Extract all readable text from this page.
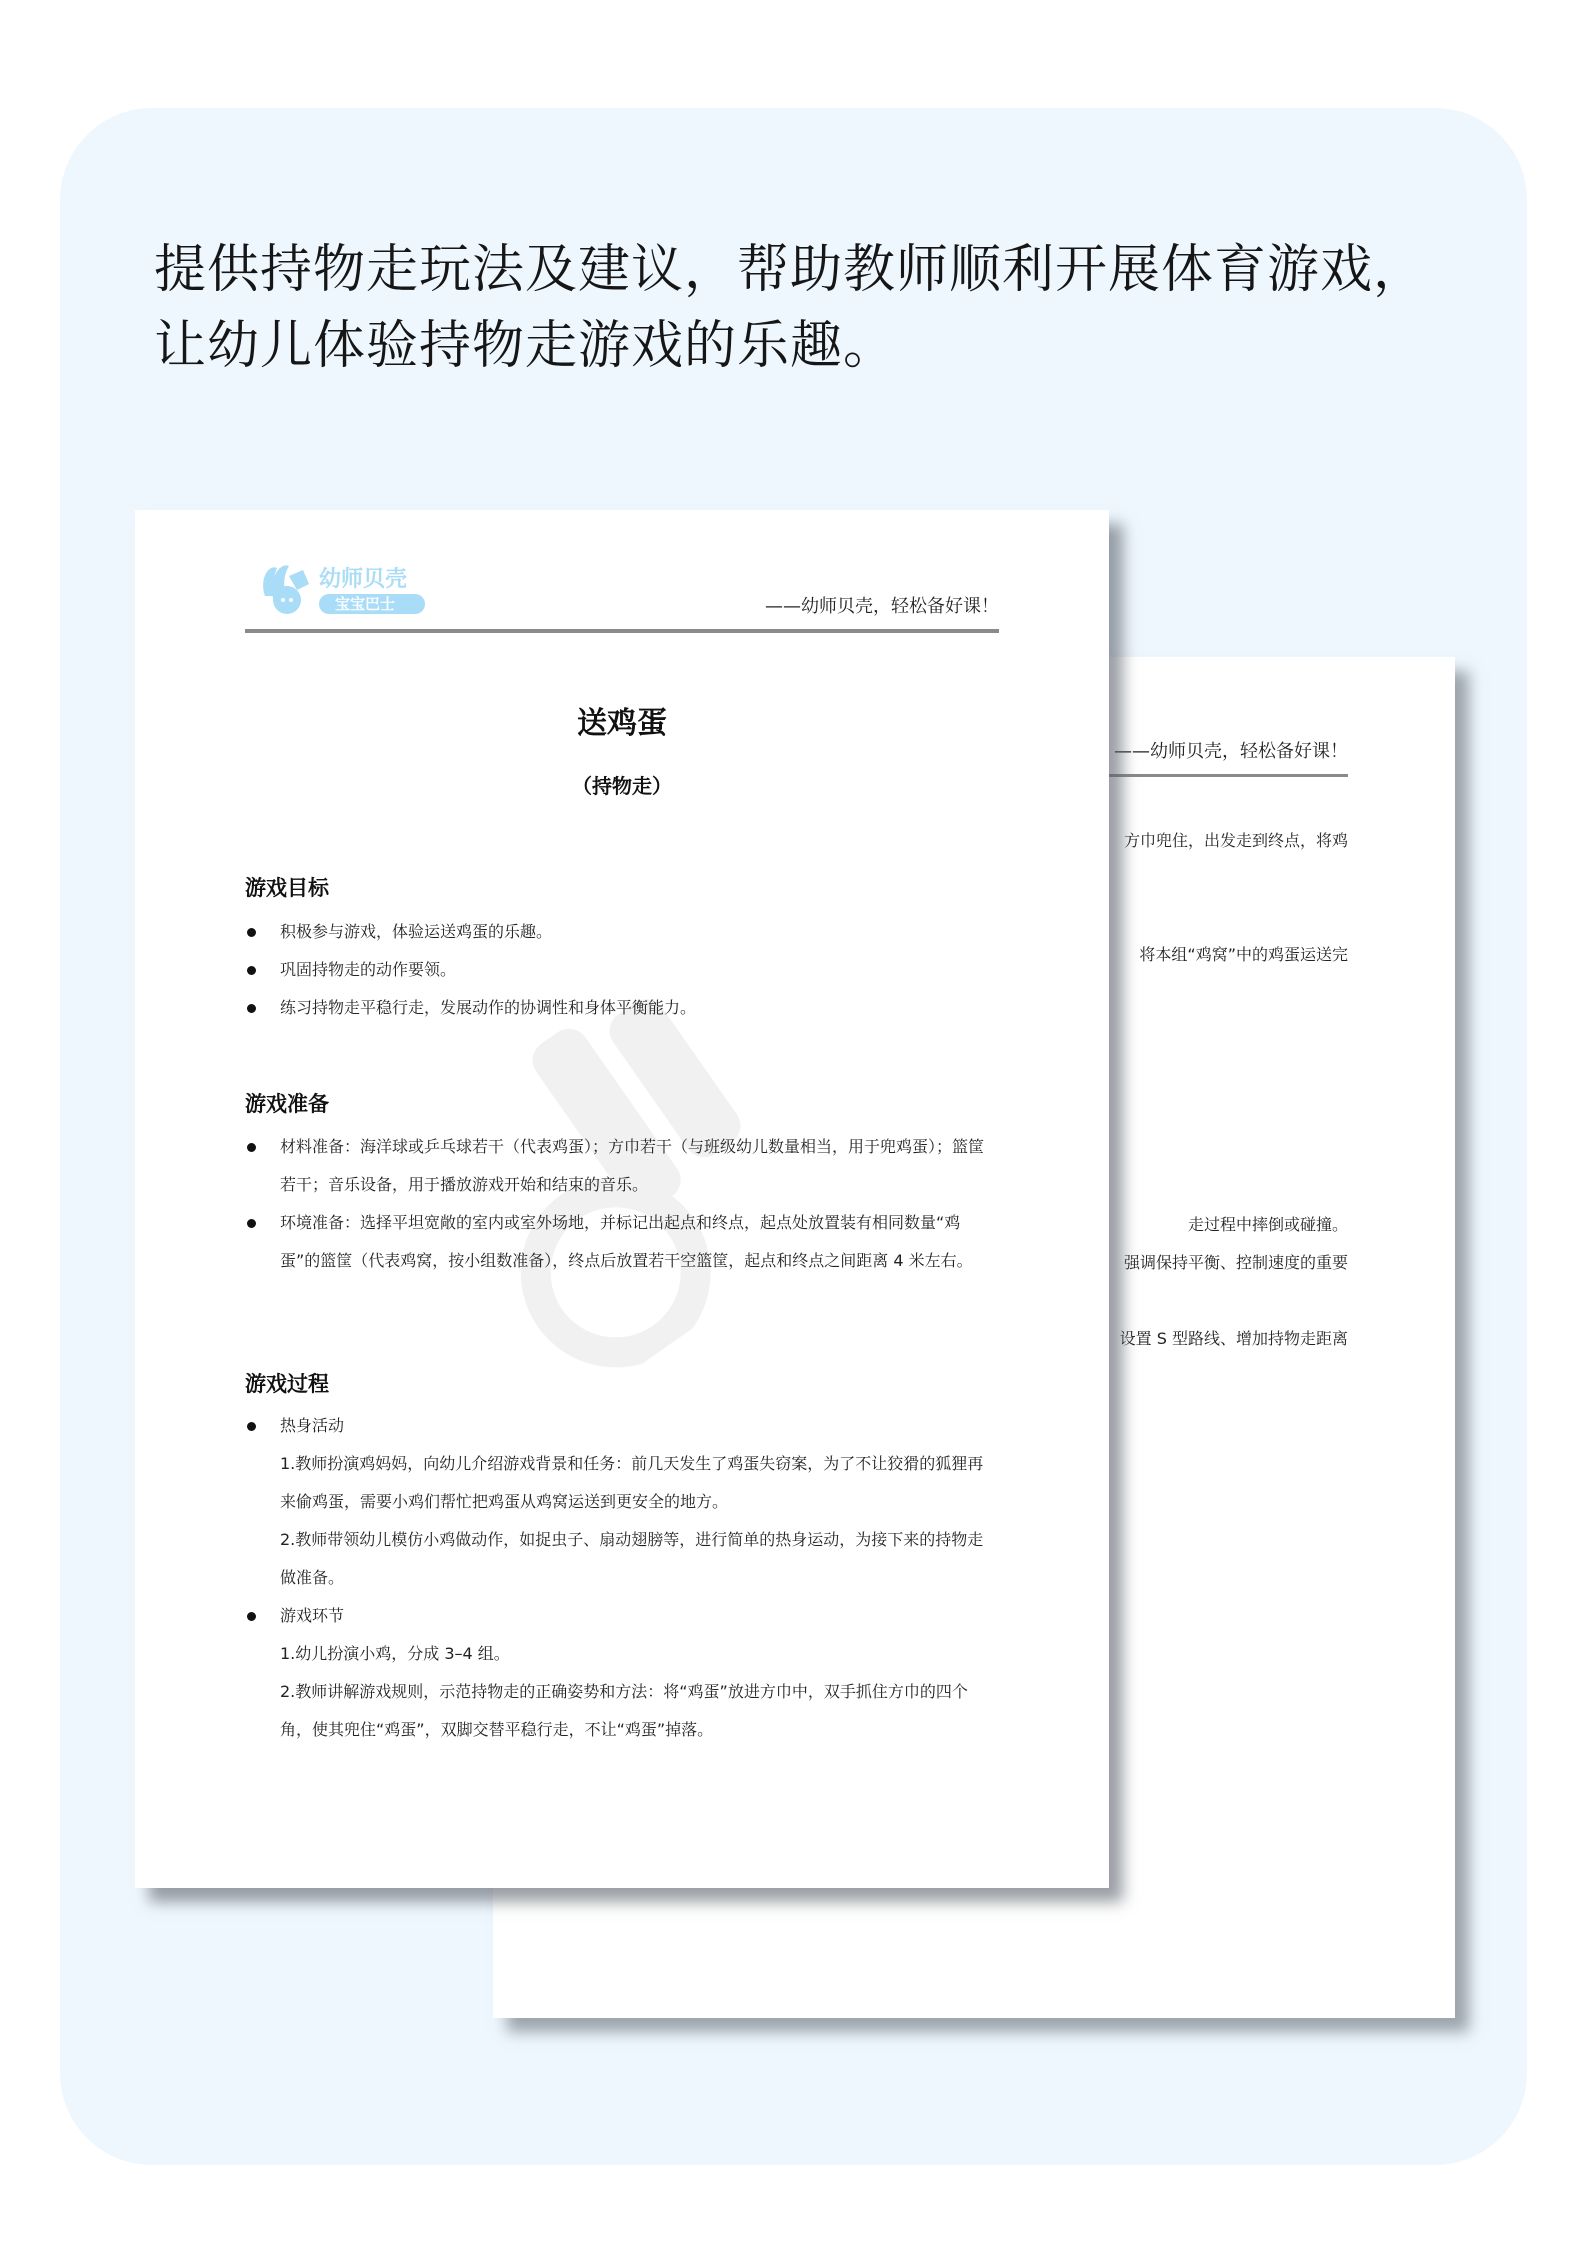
提供持物走玩法及建议，帮助教师顺利开展体育游戏，
让幼儿体验持物走游戏的乐趣。
——幼师贝壳，轻松备好课！
方巾兜住，出发走到终点，将鸡
将本组“鸡窝”中的鸡蛋运送完
走过程中摔倒或碰撞。
强调保持平衡、控制速度的重要
设置 S 型路线、增加持物走距离
幼师贝壳
宝宝巴士	——幼师贝壳，轻松备好课！
送鸡蛋
（持物走）
游戏目标
积极参与游戏，体验运送鸡蛋的乐趣。
巩固持物走的动作要领。
练习持物走平稳行走，发展动作的协调性和身体平衡能力。
游戏准备
材料准备：海洋球或乒乓球若干（代表鸡蛋）；方巾若干（与班级幼儿数量相当，用于兜鸡蛋）；篮筐若干；音乐设备，用于播放游戏开始和结束的音乐。
环境准备：选择平坦宽敞的室内或室外场地，并标记出起点和终点，起点处放置装有相同数量“鸡蛋”的篮筐（代表鸡窝，按小组数准备），终点后放置若干空篮筐，起点和终点之间距离 4 米左右。
游戏过程
热身活动
1.教师扮演鸡妈妈，向幼儿介绍游戏背景和任务：前几天发生了鸡蛋失窃案，为了不让狡猾的狐狸再来偷鸡蛋，需要小鸡们帮忙把鸡蛋从鸡窝运送到更安全的地方。
2.教师带领幼儿模仿小鸡做动作，如捉虫子、扇动翅膀等，进行简单的热身运动，为接下来的持物走做准备。
游戏环节
1.幼儿扮演小鸡，分成 3–4 组。
2.教师讲解游戏规则，示范持物走的正确姿势和方法：将“鸡蛋”放进方巾中，双手抓住方巾的四个角，使其兜住“鸡蛋”，双脚交替平稳行走，不让“鸡蛋”掉落。
